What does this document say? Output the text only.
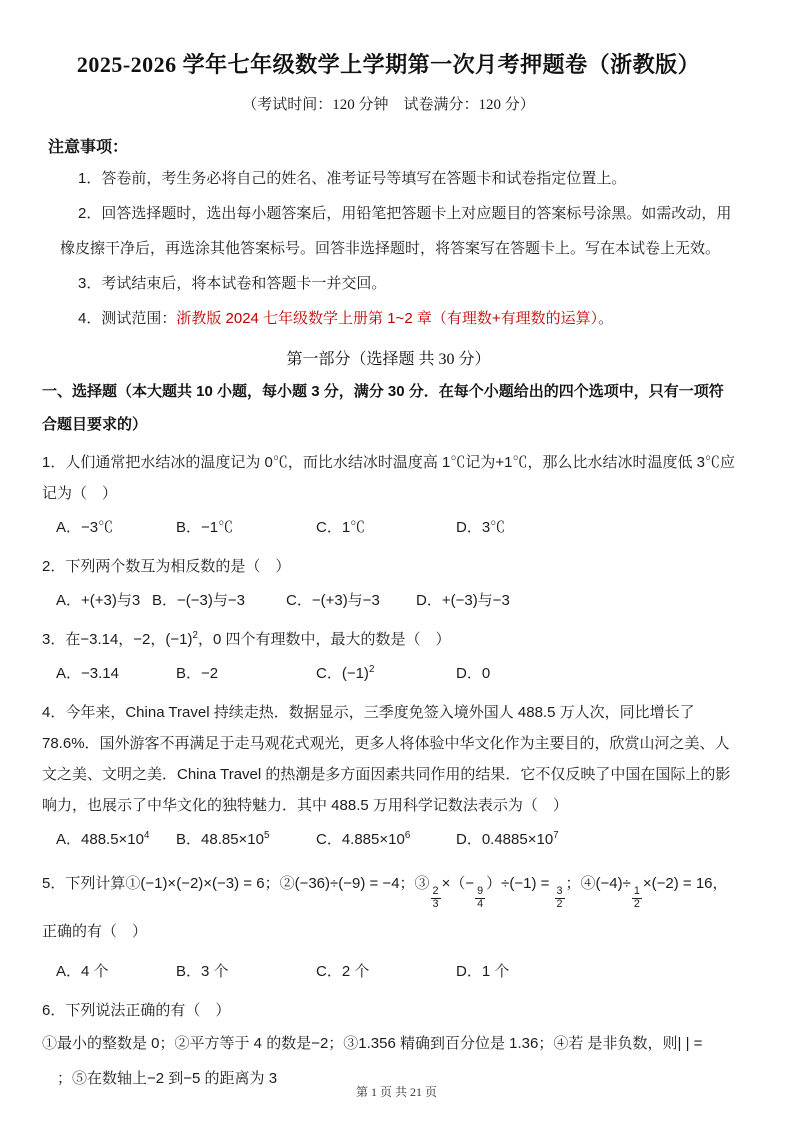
2025-2026 学年七年级数学上学期第一次月考押题卷（浙教版）
（考试时间：120 分钟　试卷满分：120 分）
注意事项：

1．答卷前，考生务必将自己的姓名、准考证号等填写在答题卡和试卷指定位置上。

2．回答选择题时，选出每小题答案后，用铅笔把答题卡上对应题目的答案标号涂黑。如需改动，用橡皮擦干净后，再选涂其他答案标号。回答非选择题时，将答案写在答题卡上。写在本试卷上无效。

3．考试结束后，将本试卷和答题卡一并交回。

4．测试范围：浙教版 2024 七年级数学上册第 1~2 章（有理数+有理数的运算）。

第一部分（选择题 共 30 分）

一、选择题（本大题共 10 小题，每小题 3 分，满分 30 分．在每个小题给出的四个选项中，只有一项符合题目要求的）

1．人们通常把水结冰的温度记为 0℃，而比水结冰时温度高 1℃记为+1℃，那么比水结冰时温度低 3℃应记为（　）

A．−3℃	B．−1℃	C．1℃	D．3℃

2．下列两个数互为相反数的是（　）

A．+(+3)与3 B．−(−3)与−3	C．−(+3)与−3	D．+(−3)与−3

3．在−3.14，−2，$(-1)^2$，0 四个有理数中，最大的数是（　）

A．−3.14	B．−2	C．$(-1)^2$	D．0

4．今年来，China Travel 持续走热．数据显示，三季度免签入境外国人 488.5 万人次，同比增长了 78.6%．国外游客不再满足于走马观花式观光，更多人将体验中华文化作为主要目的，欣赏山河之美、人文之美、文明之美．China Travel 的热潮是多方面因素共同作用的结果．它不仅反映了中国在国际上的影响力，也展示了中华文化的独特魅力．其中 488.5 万用科学记数法表示为（　）

A．$488.5\times 10^4$	B．$48.85\times 10^5$	C．$4.885\times 10^6$	D．$0.4885\times 10^7$

5．下列计算①(−1)×(−2)×(−3) = 6；②(−36)÷(−9) = −4；③
$\frac{2}{3}$
×（−
$\frac{9}{4}$
）÷(−1) =
$\frac{3}{2}$
；④(−4)÷
$\frac{1}{2}$
×(−2) = 16，正确的有（　）

A．4 个	B．3 个	C．2 个	D．1 个

6．下列说法正确的有（　）

①最小的整数是 0；②平方等于 4 的数是−2；③1.356 精确到百分位是 1.36；④若 是非负数，则| | = 　；⑤在数轴上−2 到−5 的距离为 3

第 1 页 共 21 页
